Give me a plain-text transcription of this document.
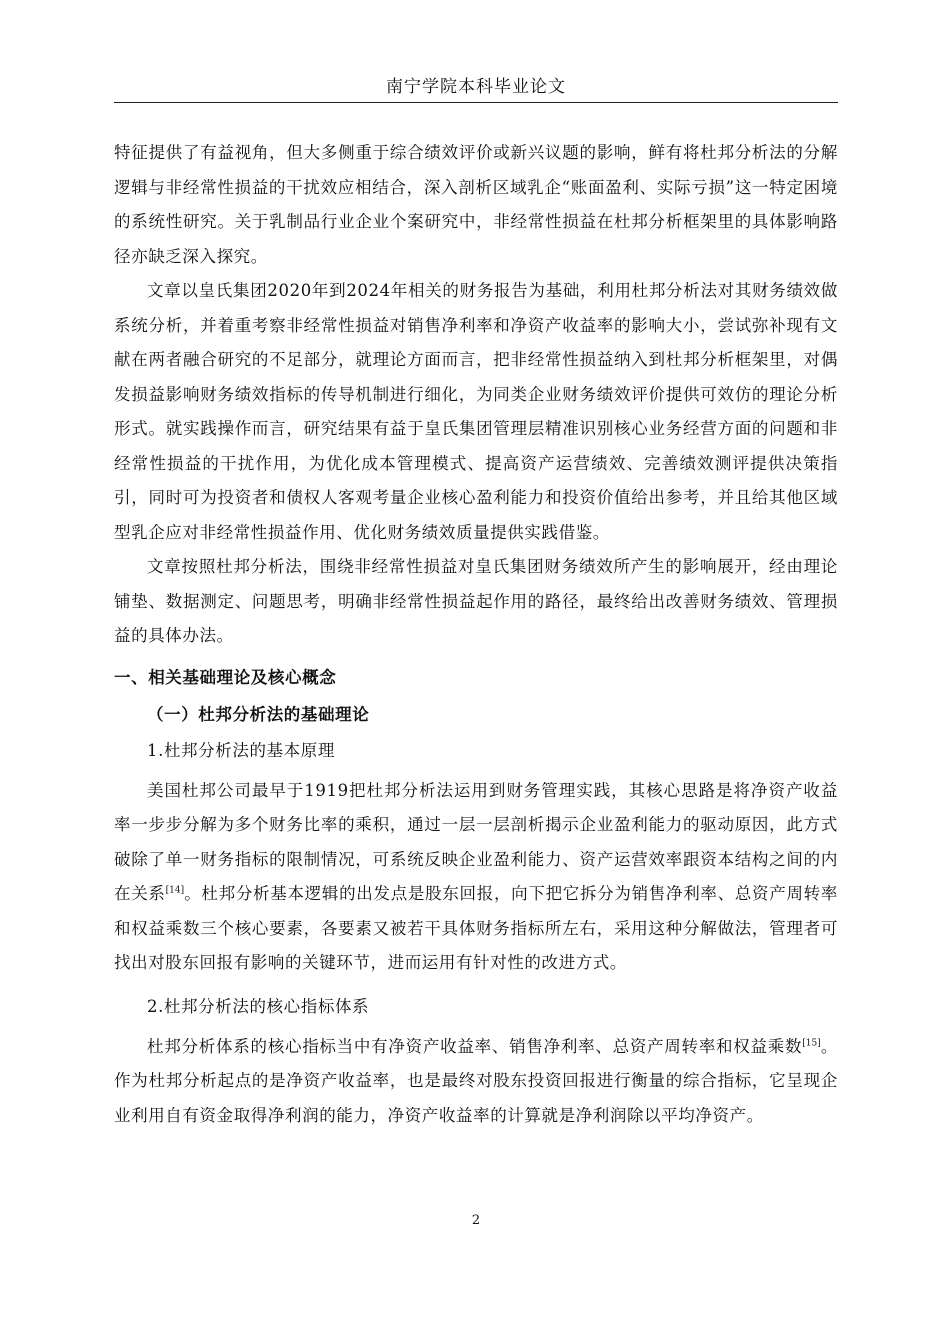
南宁学院本科毕业论文

特征提供了有益视角，但大多侧重于综合绩效评价或新兴议题的影响，鲜有将杜邦分析法的分解逻辑与非经常性损益的干扰效应相结合，深入剖析区域乳企“账面盈利、实际亏损”这一特定困境的系统性研究。关于乳制品行业企业个案研究中，非经常性损益在杜邦分析框架里的具体影响路径亦缺乏深入探究。

文章以皇氏集团2020年到2024年相关的财务报告为基础，利用杜邦分析法对其财务绩效做系统分析，并着重考察非经常性损益对销售净利率和净资产收益率的影响大小，尝试弥补现有文献在两者融合研究的不足部分，就理论方面而言，把非经常性损益纳入到杜邦分析框架里，对偶发损益影响财务绩效指标的传导机制进行细化，为同类企业财务绩效评价提供可效仿的理论分析形式。就实践操作而言，研究结果有益于皇氏集团管理层精准识别核心业务经营方面的问题和非经常性损益的干扰作用，为优化成本管理模式、提高资产运营绩效、完善绩效测评提供决策指引，同时可为投资者和债权人客观考量企业核心盈利能力和投资价值给出参考，并且给其他区域型乳企应对非经常性损益作用、优化财务绩效质量提供实践借鉴。

文章按照杜邦分析法，围绕非经常性损益对皇氏集团财务绩效所产生的影响展开，经由理论铺垫、数据测定、问题思考，明确非经常性损益起作用的路径，最终给出改善财务绩效、管理损益的具体办法。

一、相关基础理论及核心概念
（一）杜邦分析法的基础理论
1.杜邦分析法的基本原理

美国杜邦公司最早于1919把杜邦分析法运用到财务管理实践，其核心思路是将净资产收益率一步步分解为多个财务比率的乘积，通过一层一层剖析揭示企业盈利能力的驱动原因，此方式破除了单一财务指标的限制情况，可系统反映企业盈利能力、资产运营效率跟资本结构之间的内在关系[14]。杜邦分析基本逻辑的出发点是股东回报，向下把它拆分为销售净利率、总资产周转率和权益乘数三个核心要素，各要素又被若干具体财务指标所左右，采用这种分解做法，管理者可找出对股东回报有影响的关键环节，进而运用有针对性的改进方式。

2.杜邦分析法的核心指标体系

杜邦分析体系的核心指标当中有净资产收益率、销售净利率、总资产周转率和权益乘数[15]。作为杜邦分析起点的是净资产收益率，也是最终对股东投资回报进行衡量的综合指标，它呈现企业利用自有资金取得净利润的能力，净资产收益率的计算就是净利润除以平均净资产。

2
